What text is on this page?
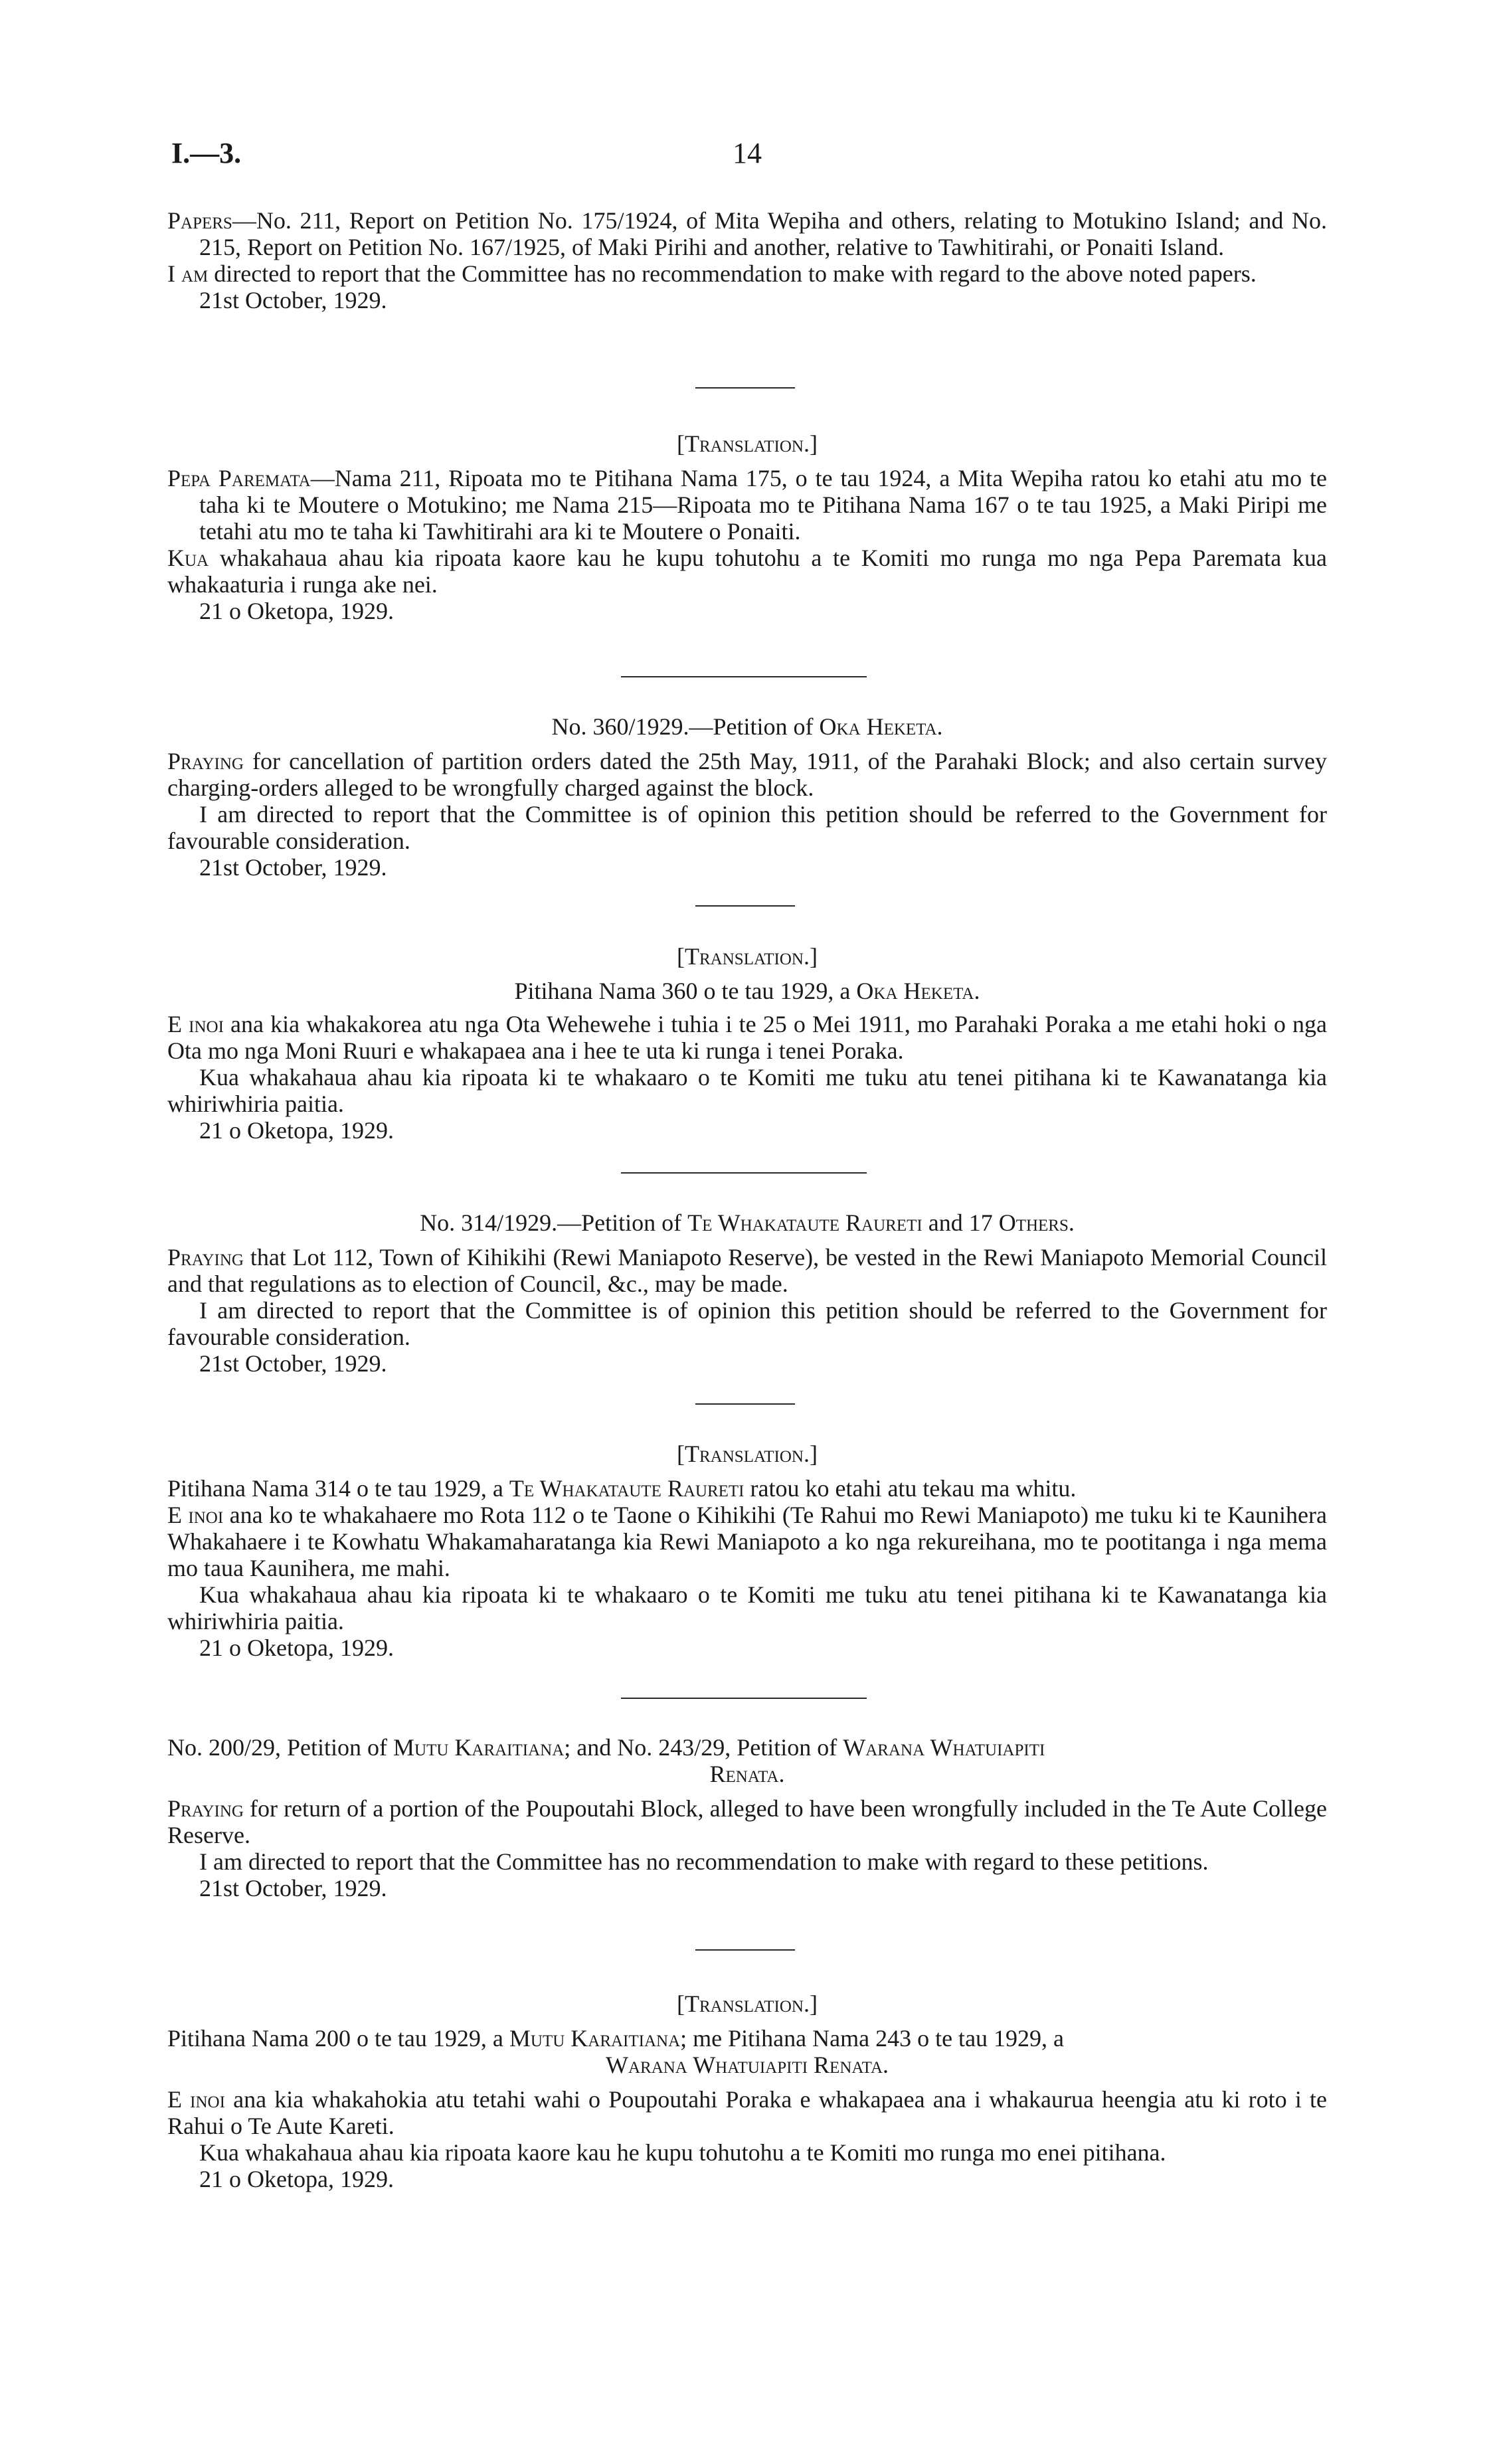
I.—3.	14

Papers—No. 211, Report on Petition No. 175/1924, of Mita Wepiha and others, relating to Motukino Island; and No. 215, Report on Petition No. 167/1925, of Maki Pirihi and another, relative to Tawhitirahi, or Ponaiti Island.

I am directed to report that the Committee has no recommendation to make with regard to the above noted papers.

21st October, 1929.

[Translation.]

Pepa Paremata—Nama 211, Ripoata mo te Pitihana Nama 175, o te tau 1924, a Mita Wepiha ratou ko etahi atu mo te taha ki te Moutere o Motukino; me Nama 215—Ripoata mo te Pitihana Nama 167 o te tau 1925, a Maki Piripi me tetahi atu mo te taha ki Tawhitirahi ara ki te Moutere o Ponaiti.

Kua whakahaua ahau kia ripoata kaore kau he kupu tohutohu a te Komiti mo runga mo nga Pepa Paremata kua whakaaturia i runga ake nei.

21 o Oketopa, 1929.

No. 360/1929.—Petition of Oka Heketa.

Praying for cancellation of partition orders dated the 25th May, 1911, of the Parahaki Block; and also certain survey charging-orders alleged to be wrongfully charged against the block.

I am directed to report that the Committee is of opinion this petition should be referred to the Government for favourable consideration.

21st October, 1929.

[Translation.]

Pitihana Nama 360 o te tau 1929, a Oka Heketa.

E inoi ana kia whakakorea atu nga Ota Wehewehe i tuhia i te 25 o Mei 1911, mo Parahaki Poraka a me etahi hoki o nga Ota mo nga Moni Ruuri e whakapaea ana i hee te uta ki runga i tenei Poraka.

Kua whakahaua ahau kia ripoata ki te whakaaro o te Komiti me tuku atu tenei pitihana ki te Kawanatanga kia whiriwhiria paitia.

21 o Oketopa, 1929.

No. 314/1929.—Petition of Te Whakataute Raureti and 17 Others.

Praying that Lot 112, Town of Kihikihi (Rewi Maniapoto Reserve), be vested in the Rewi Maniapoto Memorial Council and that regulations as to election of Council, &c., may be made.

I am directed to report that the Committee is of opinion this petition should be referred to the Government for favourable consideration.

21st October, 1929.

[Translation.]

Pitihana Nama 314 o te tau 1929, a Te Whakataute Raureti ratou ko etahi atu tekau ma whitu.

E inoi ana ko te whakahaere mo Rota 112 o te Taone o Kihikihi (Te Rahui mo Rewi Maniapoto) me tuku ki te Kaunihera Whakahaere i te Kowhatu Whakamaharatanga kia Rewi Maniapoto a ko nga rekureihana, mo te pootitanga i nga mema mo taua Kaunihera, me mahi.

Kua whakahaua ahau kia ripoata ki te whakaaro o te Komiti me tuku atu tenei pitihana ki te Kawanatanga kia whiriwhiria paitia.

21 o Oketopa, 1929.

No. 200/29, Petition of Mutu Karaitiana; and No. 243/29, Petition of Warana Whatuiapiti

Renata.

Praying for return of a portion of the Poupoutahi Block, alleged to have been wrongfully included in the Te Aute College Reserve.

I am directed to report that the Committee has no recommendation to make with regard to these petitions.

21st October, 1929.

[Translation.]

Pitihana Nama 200 o te tau 1929, a Mutu Karaitiana; me Pitihana Nama 243 o te tau 1929, a

Warana Whatuiapiti Renata.

E inoi ana kia whakahokia atu tetahi wahi o Poupoutahi Poraka e whakapaea ana i whakaurua heengia atu ki roto i te Rahui o Te Aute Kareti.

Kua whakahaua ahau kia ripoata kaore kau he kupu tohutohu a te Komiti mo runga mo enei pitihana.

21 o Oketopa, 1929.
